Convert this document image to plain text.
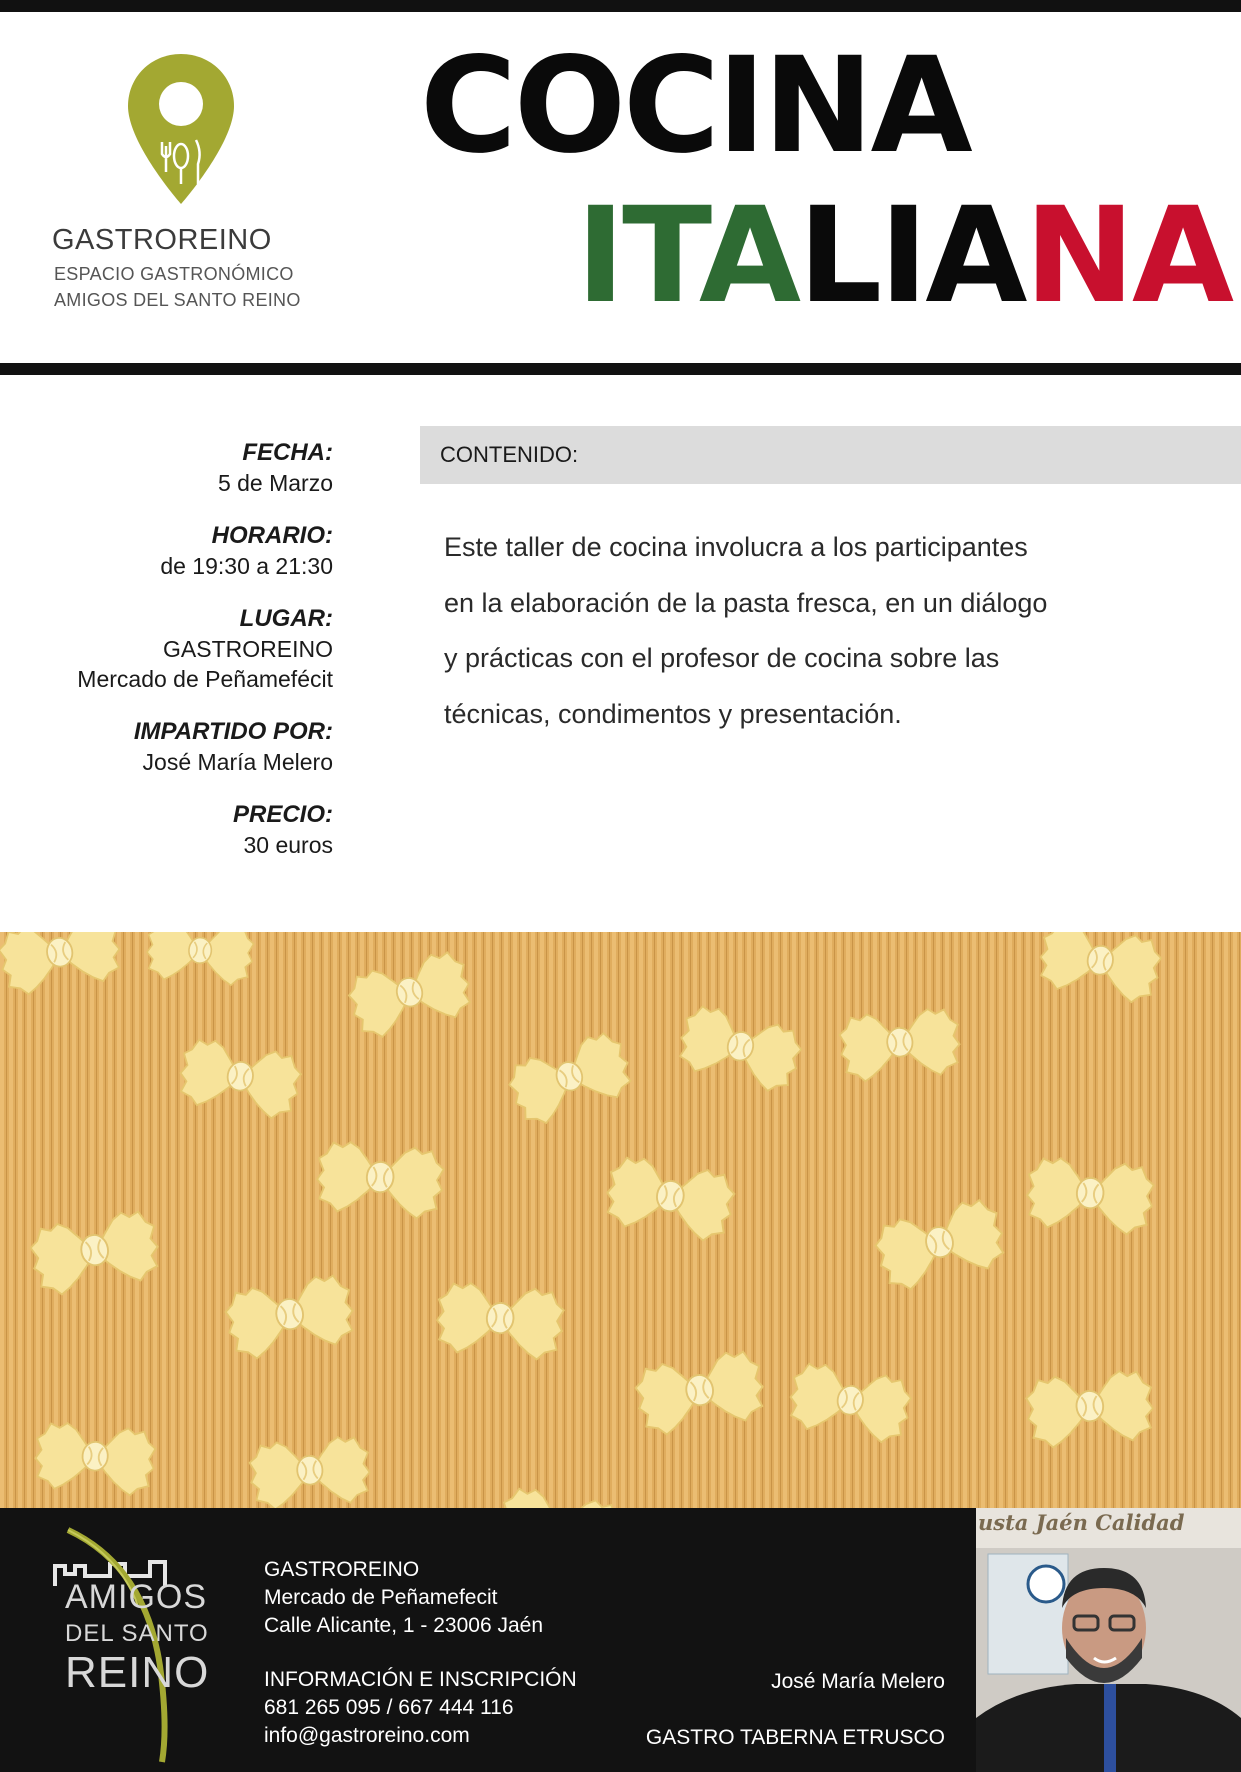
GASTROREINO
ESPACIO GASTRONÓMICO
AMIGOS DEL SANTO REINO
COCINA
ITALIANA
FECHA:
5 de Marzo
HORARIO:
de 19:30 a 21:30
LUGAR:
GASTROREINO
Mercado de Peñamefécit
IMPARTIDO POR:
José María Melero
PRECIO:
30 euros
CONTENIDO:
Este taller de cocina involucra a los participantes
en la elaboración de la pasta fresca, en un diálogo
y prácticas con el profesor de cocina sobre las
técnicas, condimentos y presentación.
AMIGOS
DEL SANTO
REINO
GASTROREINO
Mercado de Peñamefecit
Calle Alicante, 1 - 23006 Jaén
INFORMACIÓN E INSCRIPCIÓN
681 265 095 / 667 444 116
info@gastroreino.com
José María Melero
GASTRO TABERNA ETRUSCO
usta Jaén Calidad
